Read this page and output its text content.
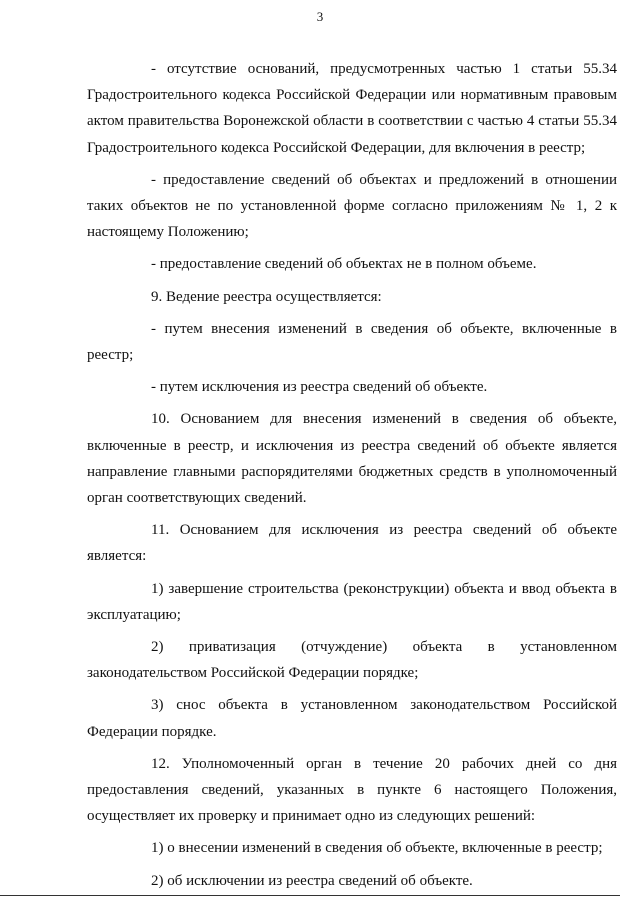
3

- отсутствие оснований, предусмотренных частью 1 статьи 55.34 Градостроительного кодекса Российской Федерации или нормативным правовым актом правительства Воронежской области в соответствии с частью 4 статьи 55.34 Градостроительного кодекса Российской Федерации, для включения в реестр;

- предоставление сведений об объектах и предложений в отношении таких объектов не по установленной форме согласно приложениям № 1, 2 к настоящему Положению;

- предоставление сведений об объектах не в полном объеме.

9. Ведение реестра осуществляется:

- путем внесения изменений в сведения об объекте, включенные в реестр;

- путем исключения из реестра сведений об объекте.

10. Основанием для внесения изменений в сведения об объекте, включенные в реестр, и исключения из реестра сведений об объекте является направление главными распорядителями бюджетных средств в уполномоченный орган соответствующих сведений.

11. Основанием для исключения из реестра сведений об объекте является:

1) завершение строительства (реконструкции) объекта и ввод объекта в эксплуатацию;

2) приватизация (отчуждение) объекта в установленном законодательством Российской Федерации порядке;

3) снос объекта в установленном законодательством Российской Федерации порядке.

12. Уполномоченный орган в течение 20 рабочих дней со дня предоставления сведений, указанных в пункте 6 настоящего Положения, осуществляет их проверку и принимает одно из следующих решений:

1) о внесении изменений в сведения об объекте, включенные в реестр;

2) об исключении из реестра сведений об объекте.
